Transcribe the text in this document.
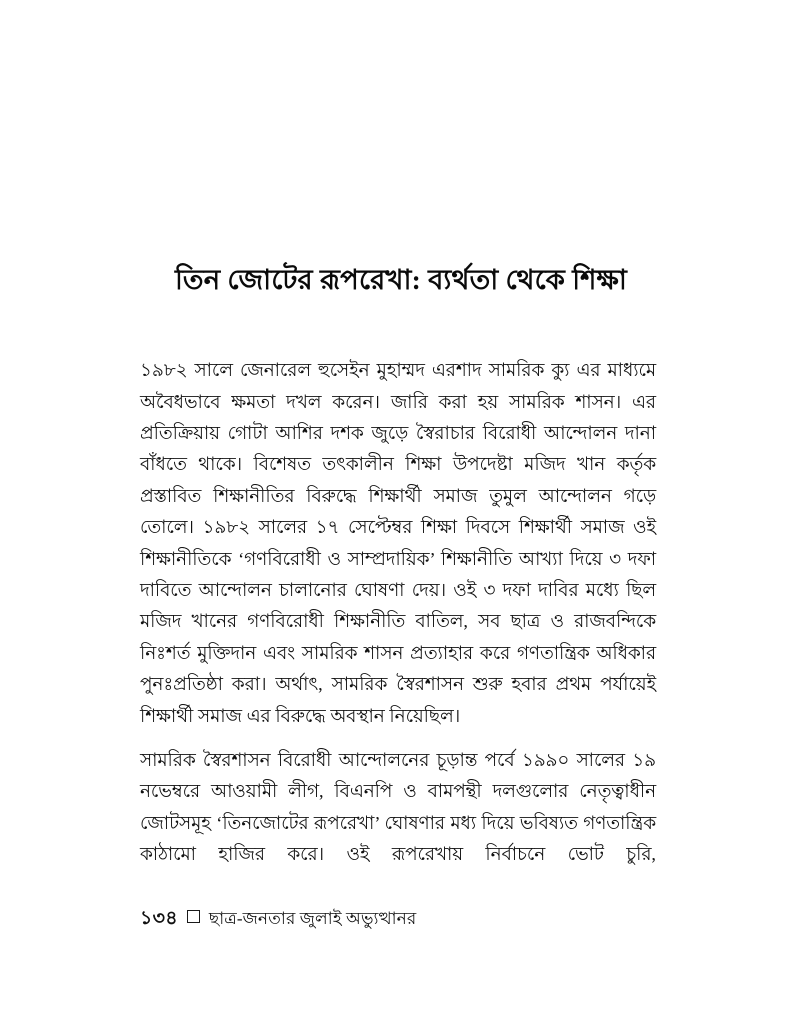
তিন জোটের রূপরেখা: ব্যর্থতা থেকে শিক্ষা

১৯৮২ সালে জেনারেল হুসেইন মুহাম্মদ এরশাদ সামরিক ক্যু এর মাধ্যমে অবৈধভাবে ক্ষমতা দখল করেন। জারি করা হয় সামরিক শাসন। এর প্রতিক্রিয়ায় গোটা আশির দশক জুড়ে স্বৈরাচার বিরোধী আন্দোলন দানা বাঁধতে থাকে। বিশেষত তৎকালীন শিক্ষা উপদেষ্টা মজিদ খান কর্তৃক প্রস্তাবিত শিক্ষানীতির বিরুদ্ধে শিক্ষার্থী সমাজ তুমুল আন্দোলন গড়ে তোলে। ১৯৮২ সালের ১৭ সেপ্টেম্বর শিক্ষা দিবসে শিক্ষার্থী সমাজ ওই শিক্ষানীতিকে ‘গণবিরোধী ও সাম্প্রদায়িক’ শিক্ষানীতি আখ্যা দিয়ে ৩ দফা দাবিতে আন্দোলন চালানোর ঘোষণা দেয়। ওই ৩ দফা দাবির মধ্যে ছিল মজিদ খানের গণবিরোধী শিক্ষানীতি বাতিল, সব ছাত্র ও রাজবন্দিকে নিঃশর্ত মুক্তিদান এবং সামরিক শাসন প্রত্যাহার করে গণতান্ত্রিক অধিকার পুনঃপ্রতিষ্ঠা করা। অর্থাৎ, সামরিক স্বৈরশাসন শুরু হবার প্রথম পর্যায়েই শিক্ষার্থী সমাজ এর বিরুদ্ধে অবস্থান নিয়েছিল।

সামরিক স্বৈরশাসন বিরোধী আন্দোলনের চূড়ান্ত পর্বে ১৯৯০ সালের ১৯ নভেম্বরে আওয়ামী লীগ, বিএনপি ও বামপন্থী দলগুলোর নেতৃত্বাধীন জোটসমূহ ‘তিনজোটের রূপরেখা’ ঘোষণার মধ্য দিয়ে ভবিষ্যত গণতান্ত্রিক কাঠামো হাজির করে। ওই রূপরেখায় নির্বাচনে ভোট চুরি,

১৩৪ ছাত্র-জনতার জুলাই অভ্যুত্থানর
